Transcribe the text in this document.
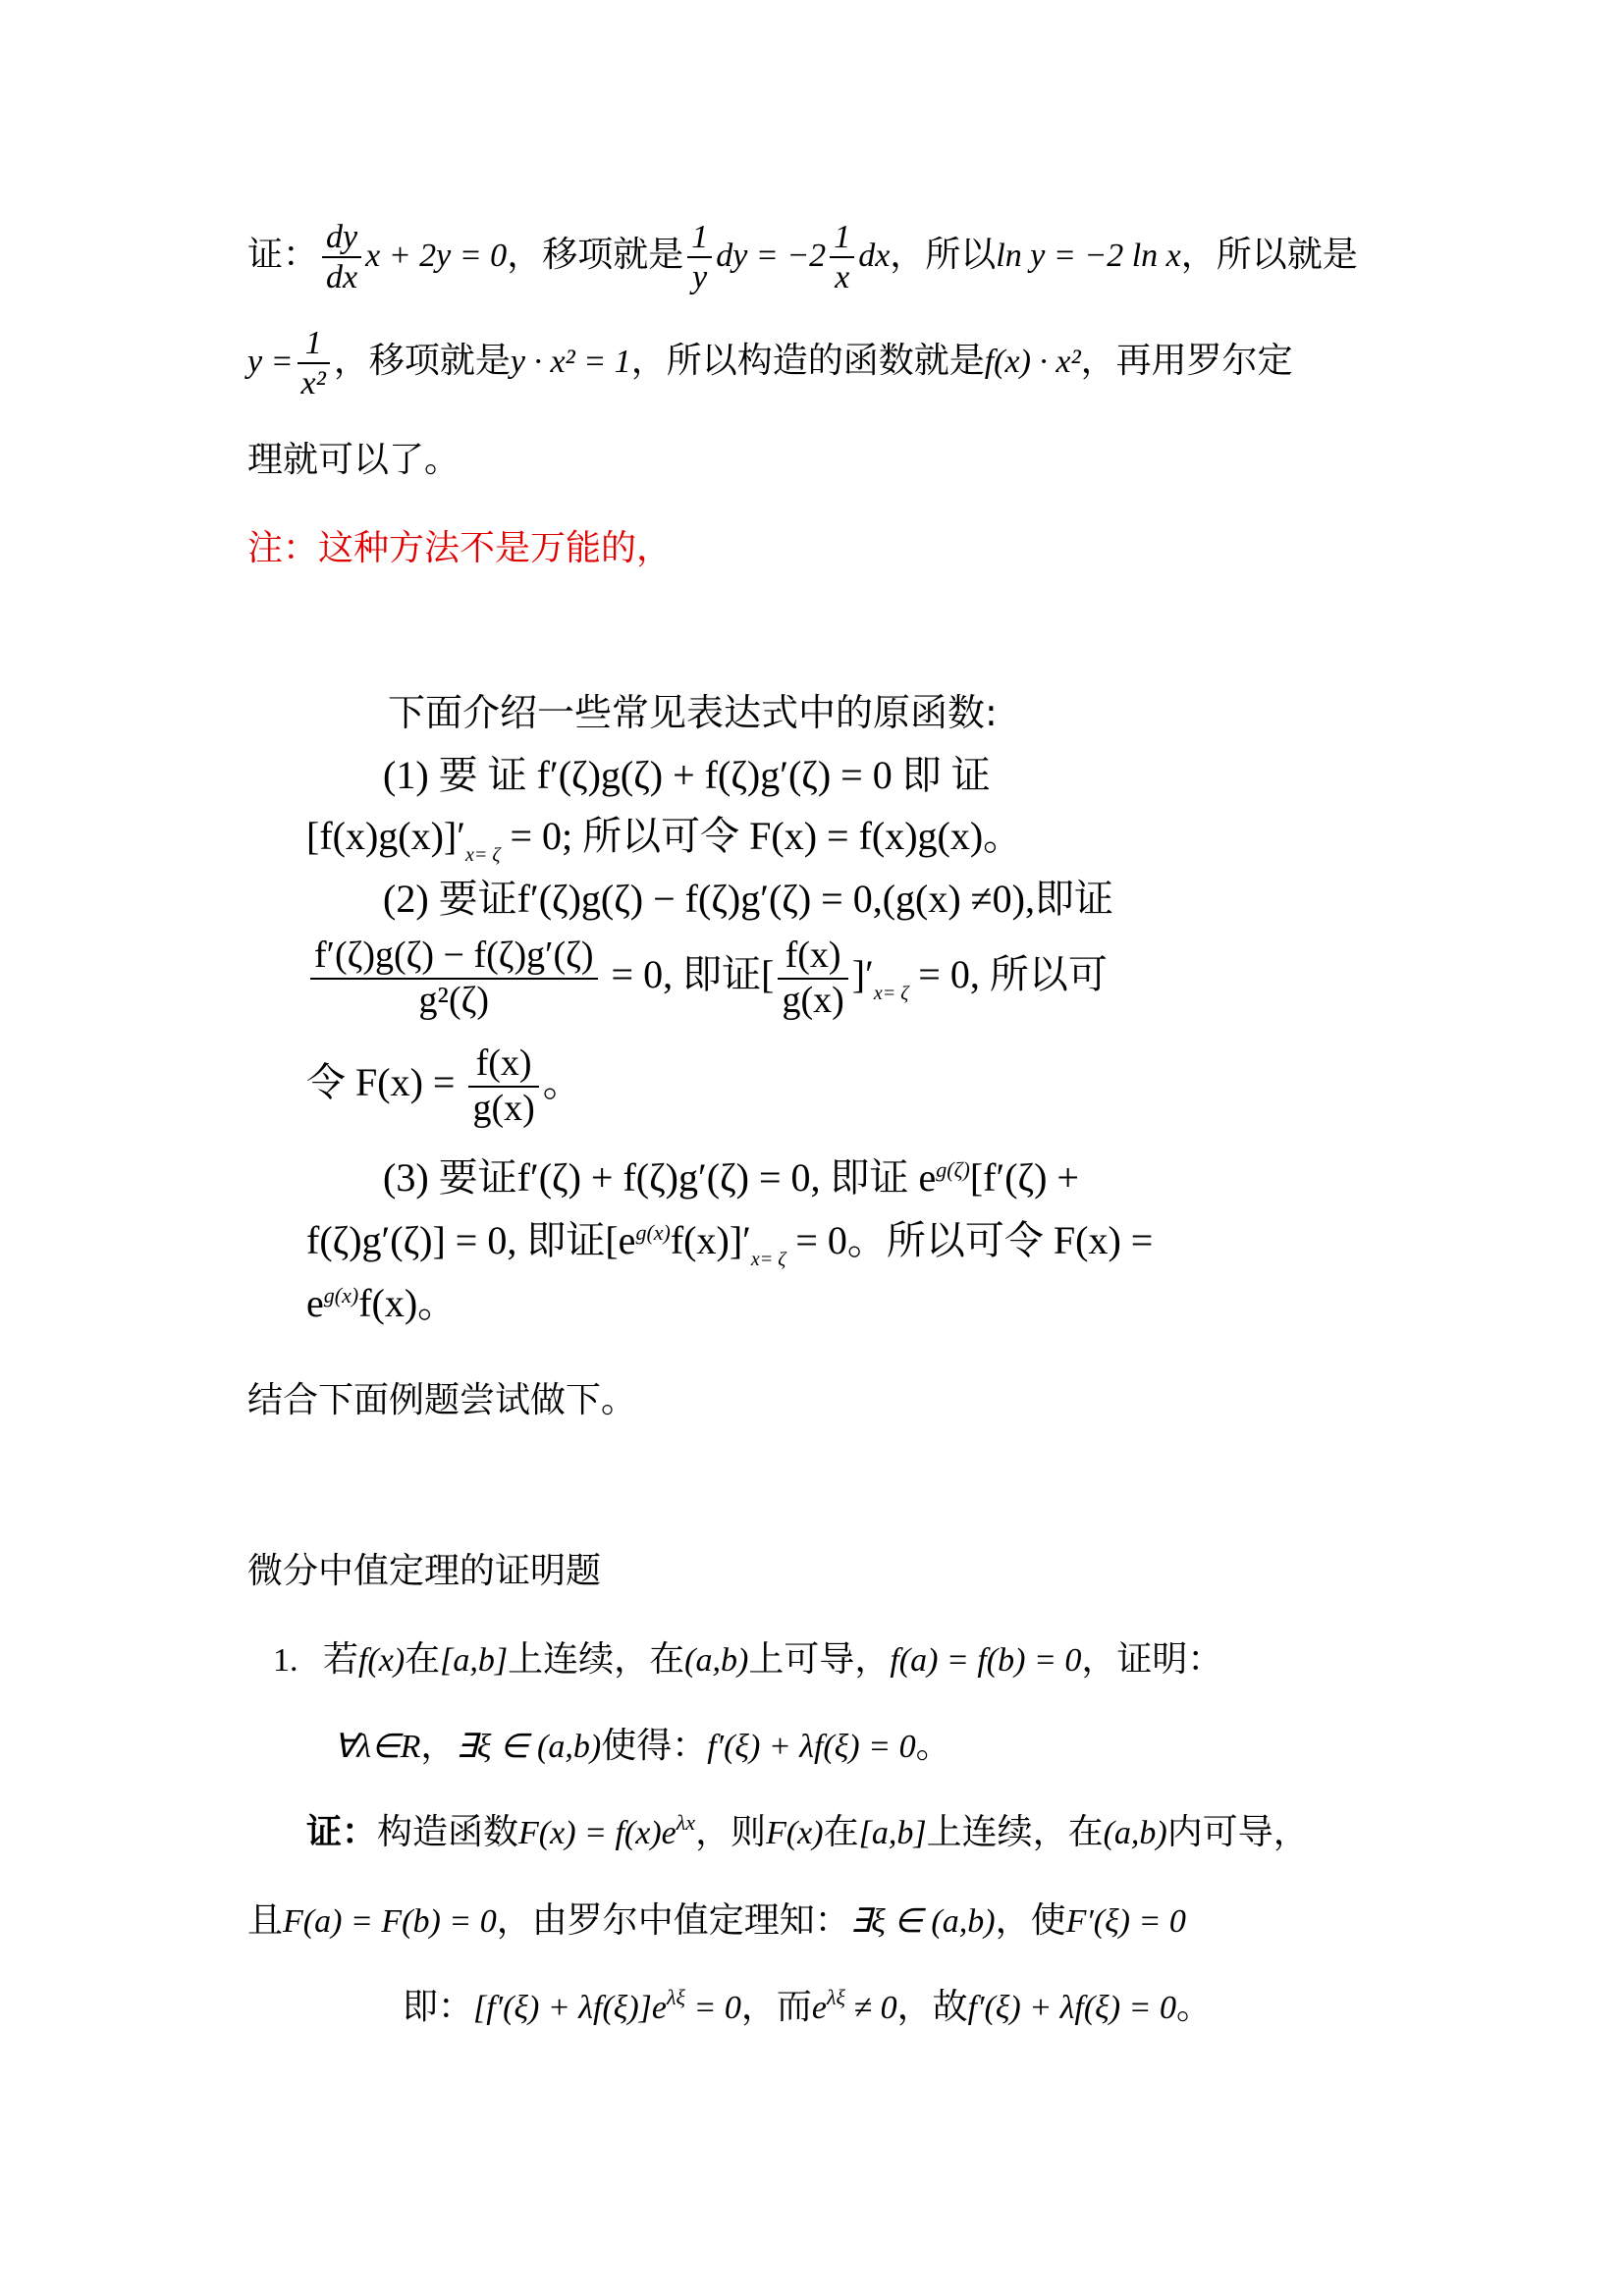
证： $\frac{dy}{dx}$ x + 2y = 0，移项就是 $\frac{1}{y}$ dy = $-2 \frac{1}{x}$ dx，所以ln y = −2 ln x，所以就是
$y = \frac{1}{\text{x²}}$ ，移项就是y · x² = 1，所以构造的函数就是f(x) · x²，再用罗尔定
理就可以了。
注：这种方法不是万能的，
下面介绍一些常见表达式中的原函数:
(1) 要 证 f′(ζ)g(ζ) + f(ζ)g′(ζ) = 0 即 证
$[f(x)g(x)]'_{x= \zeta} = 0$; 所以可令 F(x) = f(x)g(x)。
(2) 要证f′(ζ)g(ζ) − f(ζ)g′(ζ) = 0,(g(x) ≠0),即证
$\frac{f'(\zeta)g(\zeta) - f(\zeta)g'(\zeta)}{\text{g²(ζ)}} = 0$, 即证[ $\frac{f(x)}{g(x)} ]'_{x= \zeta} = 0$, 所以可
令 $F(x) = \frac{f(x)}{g(x)}$ 。
(3) 要证f′(ζ) + f(ζ)g′(ζ) = 0, 即证 $e^{g(\zeta)}[f'(\zeta)$ +
f(ζ)g′(ζ)] = 0, 即证$[e^{g(x)}f(x)]'_{x= \zeta} = 0$。所以可令 F(x) =
$e^{g(x)}f(x)$。
结合下面例题尝试做下。
微分中值定理的证明题
1. 若f(x)在[a,b]上连续，在(a,b)上可导，f(a) = f(b) = 0，证明：
∀λ∈R，∃ξ ∈ (a,b)使得：f′(ξ) + λf(ξ) = 0。
证：构造函数$F(x) = f(x)e^{\lambda x}$，则F(x)在[a,b]上连续，在(a,b)内可导，
且F(a) = F(b) = 0，由罗尔中值定理知：∃ξ ∈ (a,b)，使F′(ξ) = 0
即：$[f'(\xi) + \lambda f(\xi)]e^{\lambda\xi} = 0$，而$e^{\lambda\xi} \ne 0$，故f′(ξ) + λf(ξ) = 0。
